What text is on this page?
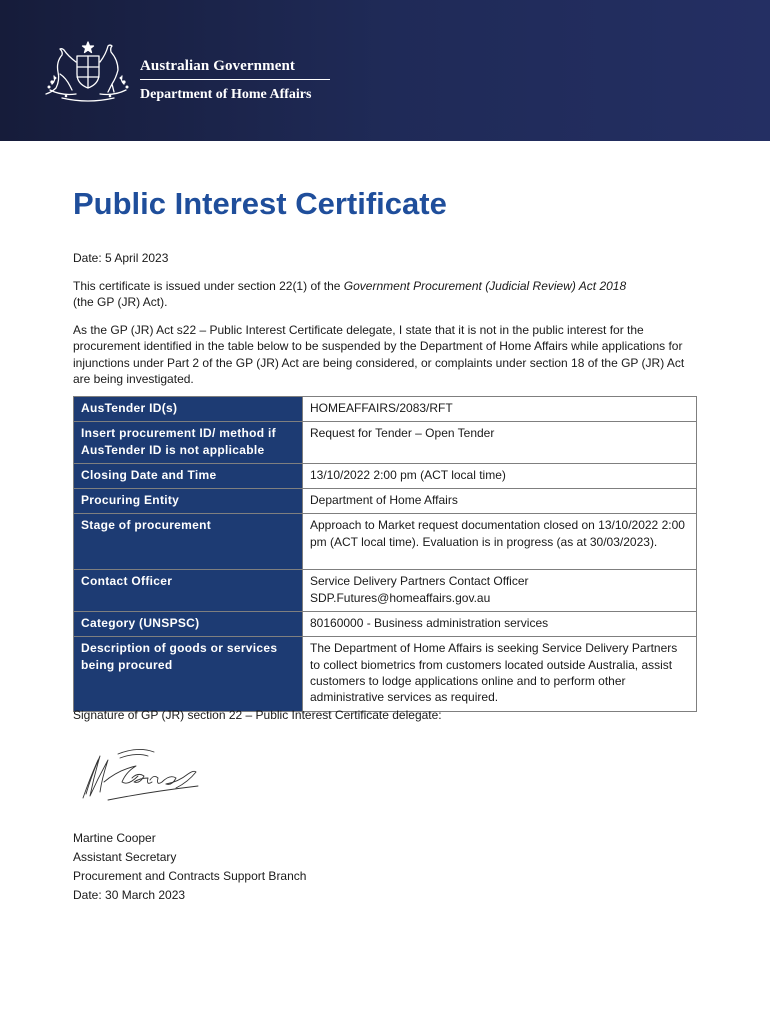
Australian Government
Department of Home Affairs
Public Interest Certificate

Date: 5 April 2023

This certificate is issued under section 22(1) of the Government Procurement (Judicial Review) Act 2018
(the GP (JR) Act).

As the GP (JR) Act s22 – Public Interest Certificate delegate, I state that it is not in the public interest for the procurement identified in the table below to be suspended by the Department of Home Affairs while applications for injunctions under Part 2 of the GP (JR) Act are being considered, or complaints under section 18 of the GP (JR) Act are being investigated.

AusTender ID(s)	HOMEAFFAIRS/2083/RFT
Insert procurement ID/ method if AusTender ID is not applicable	Request for Tender – Open Tender
Closing Date and Time	13/10/2022 2:00 pm (ACT local time)
Procuring Entity	Department of Home Affairs
Stage of procurement	Approach to Market request documentation closed on 13/10/2022 2:00 pm (ACT local time). Evaluation is in progress (as at 30/03/2023).
Contact Officer	Service Delivery Partners Contact Officer
SDP.Futures@homeaffairs.gov.au

Category (UNSPSC)	80160000 - Business administration services
Description of goods or services being procured	The Department of Home Affairs is seeking Service Delivery Partners to collect biometrics from customers located outside Australia, assist customers to lodge applications online and to perform other administrative services as required.

Signature of GP (JR) section 22 – Public Interest Certificate delegate:

Martine Cooper
Assistant Secretary
Procurement and Contracts Support Branch
Date: 30 March 2023
